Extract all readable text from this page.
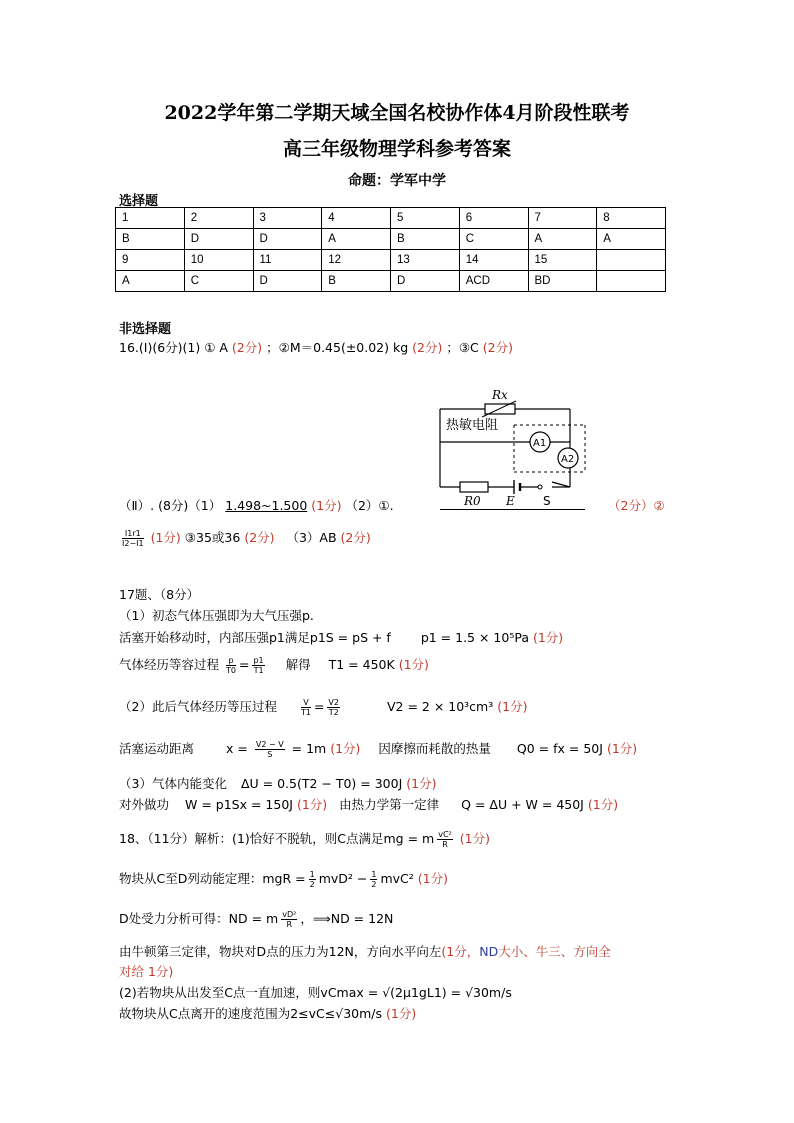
2022学年第二学期天域全国名校协作体4月阶段性联考
高三年级物理学科参考答案
命题：学军中学
选择题
1	2	3	4	5	6	7	8
B	D	D	A	B	C	A	A
9	10	11	12	13	14	15	
A	C	D	B	D	ACD	BD	
非选择题
16.(Ⅰ)(6分)(1) ① A (2分) ；②M＝0.45(±0.02) kg (2分) ；③C (2分)
Rx
热敏电阻
A1
A2
R0 E S
（Ⅱ）. (8分)（1） 1.498~1.500 (1分) （2）①.	（2分）②
$\frac{I1r1}{I2-I1} (1$分) ③35或36 (2分) （3）AB (2分)
17题、（8分）
（1）初态气体压强即为大气压强p.
活塞开始移动时，内部压强p1满足p1S = pS + f p1 = 1.5 × 10⁵Pa (1分)
气体经历等容过程 $\frac{p}{T0} = \frac{p1}{T1}$ 解得 T1 = 450K (1分)
（2）此后气体经历等压过程	$\frac{V}{T1} = \frac{V2}{T2}$	V2 = 2 × 10³cm³ (1分)
活塞运动距离	$x = \frac{V2 - V}{S} = 1m$ (1分) 因摩擦而耗散的热量 Q0 = fx = 50J (1分)
（3）气体内能变化 ΔU = 0.5(T2 − T0) = 300J (1分)
对外做功 W = p1Sx = 150J (1分) 由热力学第一定律 Q = ΔU + W = 450J (1分)
18、（11分）解析：(1)恰好不脱轨，则C点满足mg = m $\frac{\text{vC²}}{R} (1$分)
物块从C至D列动能定理：mgR = $\frac{1}{2} mvD^2 - \frac{1}{2} mvC^2$ (1分)
D处受力分析可得：ND = m $\frac{\text{vD²}}{R}$ ，⟹ND = 12N
由牛顿第三定律，物块对D点的压力为12N，方向水平向左(1分，ND大小、牛三、方向全
对给 1分)
(2)若物块从出发至C点一直加速，则vCmax = √(2μ1gL1) = √30m/s
故物块从C点离开的速度范围为2≤vC≤√30m/s (1分)
